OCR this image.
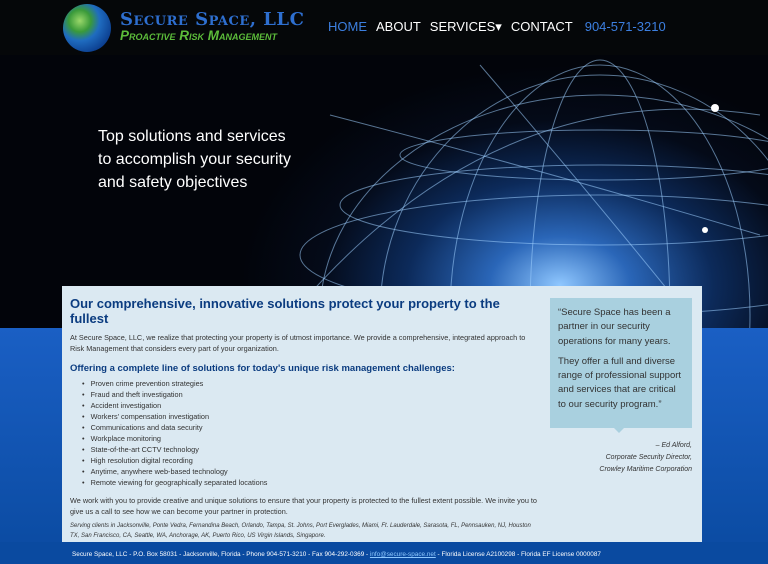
Secure Space, LLC
Proactive Risk Management
HOME ABOUT SERVICES▾ CONTACT 904-571-3210
Top solutions and services
to accomplish your security
and safety objectives
Our comprehensive, innovative solutions protect your property to the fullest

At Secure Space, LLC, we realize that protecting your property is of utmost importance. We provide a comprehensive, integrated approach to Risk Management that considers every part of your organization.

Offering a complete line of solutions for today's unique risk management challenges:
• Proven crime prevention strategies
• Fraud and theft investigation
• Accident investigation
• Workers' compensation investigation
• Communications and data security
• Workplace monitoring
• State-of-the-art CCTV technology
• High resolution digital recording
• Anytime, anywhere web-based technology
• Remote viewing for geographically separated locations

We work with you to provide creative and unique solutions to ensure that your property is protected to the fullest extent possible. We invite you to give us a call to see how we can become your partner in protection.

Serving clients in Jacksonville, Ponte Vedra, Fernandina Beach, Orlando, Tampa, St. Johns, Port Everglades, Miami, Ft. Lauderdale, Sarasota, FL, Pennsauken, NJ, Houston TX, San Francisco, CA, Seattle, WA, Anchorage, AK, Puerto Rico, US Virgin Islands, Singapore.

“Secure Space has been a partner in our security operations for many years.

They offer a full and diverse range of professional support and services that are critical to our security program.”

– Ed Alford,
Corporate Security Director,
Crowley Maritime Corporation
Secure Space, LLC - P.O. Box 58031 - Jacksonville, Florida - Phone 904-571-3210 - Fax 904-292-0369 - info@secure-space.net - Florida License A2100298 - Florida EF License 0000087
